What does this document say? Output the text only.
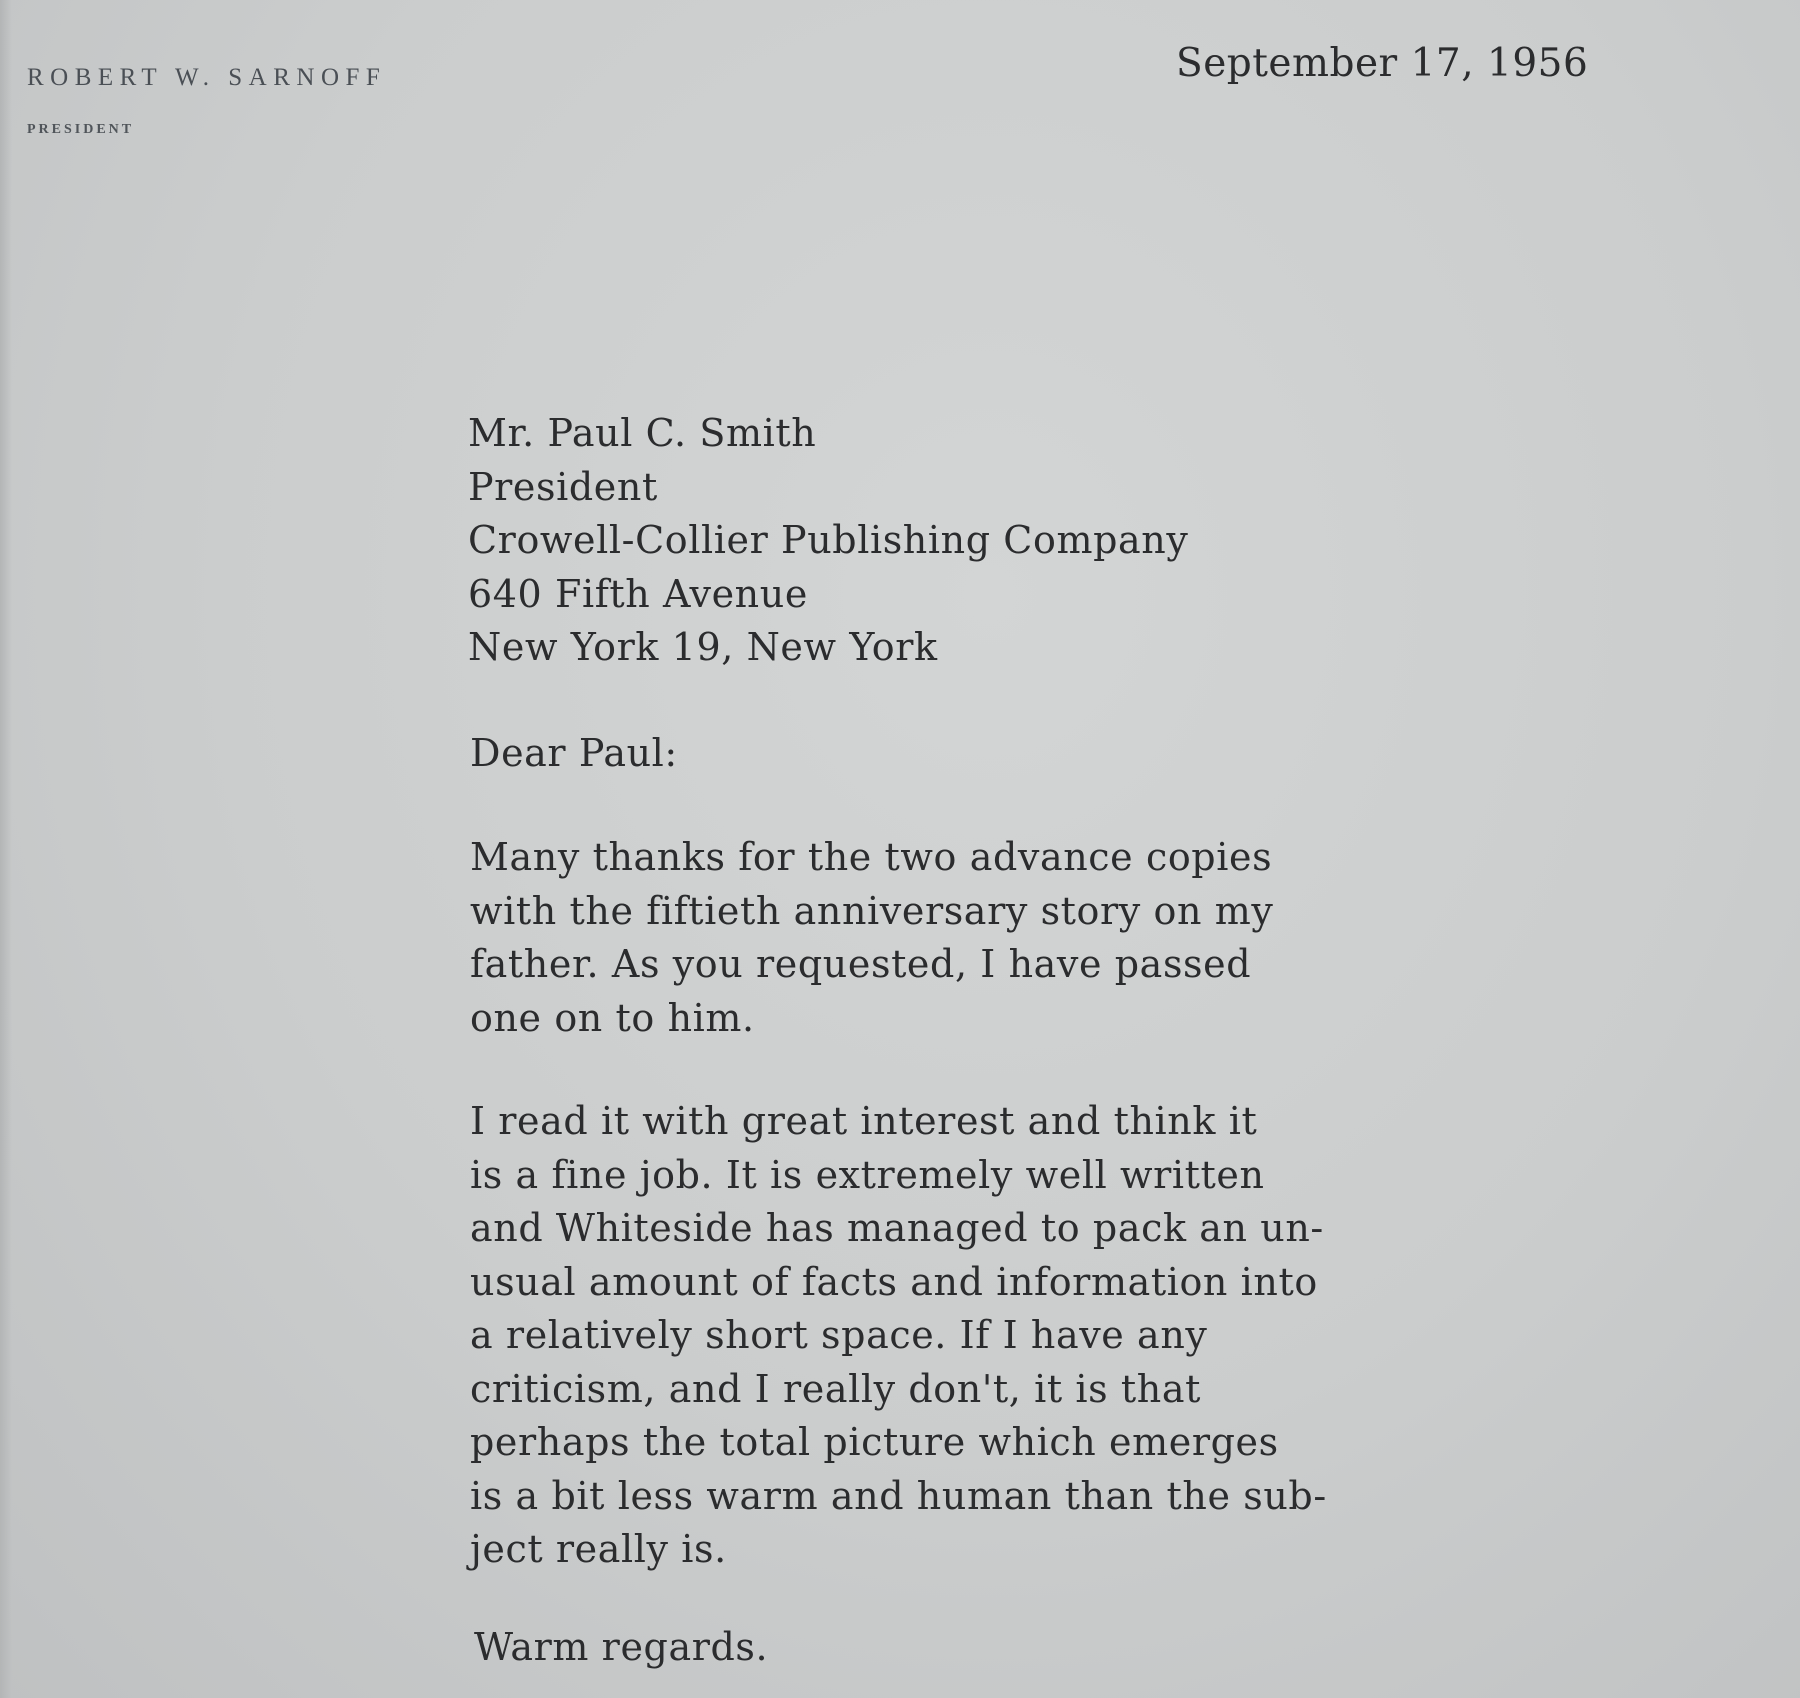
ROBERT W. SARNOFF
PRESIDENT
September 17, 1956
Mr. Paul C. Smith
President
Crowell-Collier Publishing Company
640 Fifth Avenue
New York 19, New York
Dear Paul:
Many thanks for the two advance copies
with the fiftieth anniversary story on my
father. As you requested, I have passed
one on to him.
I read it with great interest and think it
is a fine job. It is extremely well written
and Whiteside has managed to pack an un-
usual amount of facts and information into
a relatively short space. If I have any
criticism, and I really don't, it is that
perhaps the total picture which emerges
is a bit less warm and human than the sub-
ject really is.
Warm regards.
